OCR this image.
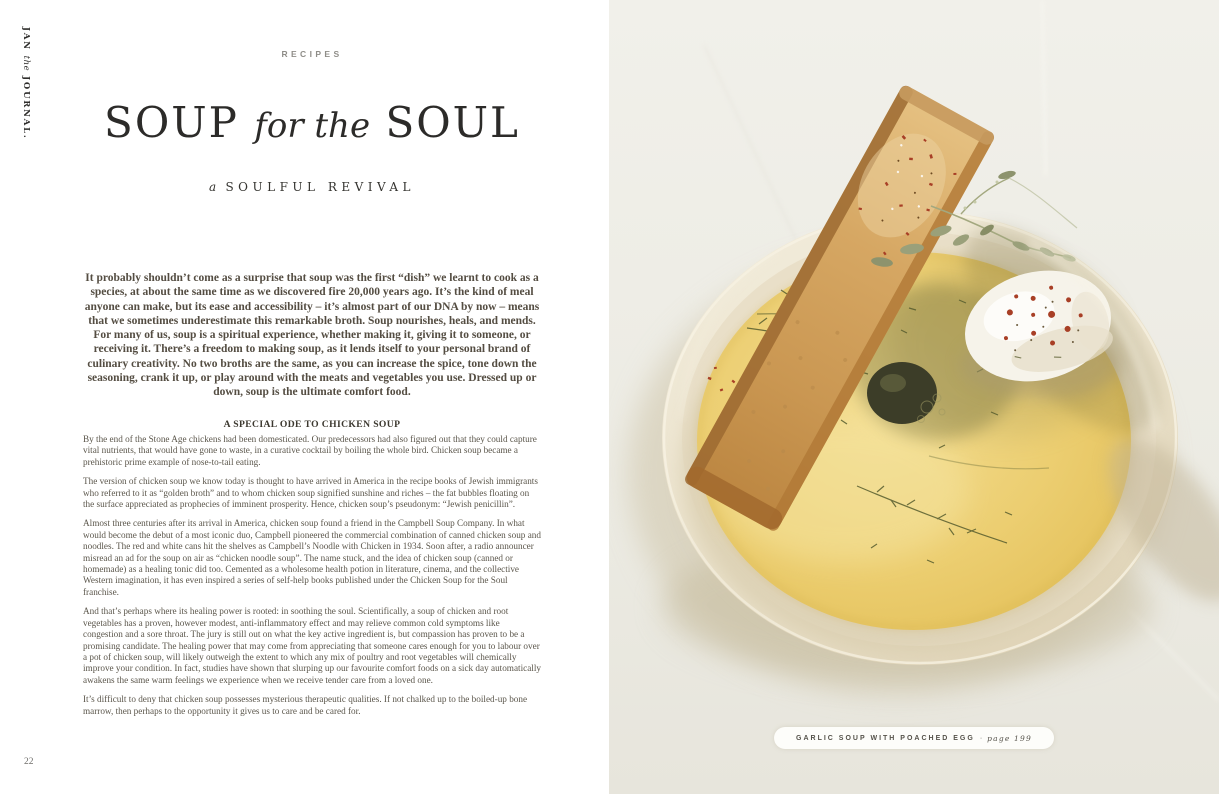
JAN the JOURNAL.
RECIPES
SOUP for the SOUL
a SOULFUL REVIVAL
It probably shouldn’t come as a surprise that soup was the first “dish” we learnt to cook as a species, at about the same time as we discovered fire 20,000 years ago. It’s the kind of meal anyone can make, but its ease and accessibility – it’s almost part of our DNA by now – means that we sometimes underestimate this remarkable broth. Soup nourishes, heals, and mends. For many of us, soup is a spiritual experience, whether making it, giving it to someone, or receiving it. There’s a freedom to making soup, as it lends itself to your personal brand of culinary creativity. No two broths are the same, as you can increase the spice, tone down the seasoning, crank it up, or play around with the meats and vegetables you use. Dressed up or down, soup is the ultimate comfort food.
A SPECIAL ODE TO CHICKEN SOUP

By the end of the Stone Age chickens had been domesticated. Our predecessors had also figured out that they could capture vital nutrients, that would have gone to waste, in a curative cocktail by boiling the whole bird. Chicken soup became a prehistoric prime example of nose-to-tail eating.

The version of chicken soup we know today is thought to have arrived in America in the recipe books of Jewish immigrants who referred to it as “golden broth” and to whom chicken soup signified sunshine and riches – the fat bubbles floating on the surface appreciated as prophecies of imminent prosperity. Hence, chicken soup’s pseudonym: “Jewish penicillin”.

Almost three centuries after its arrival in America, chicken soup found a friend in the Campbell Soup Company. In what would become the debut of a most iconic duo, Campbell pioneered the commercial combination of canned chicken soup and noodles. The red and white cans hit the shelves as Campbell’s Noodle with Chicken in 1934. Soon after, a radio announcer misread an ad for the soup on air as “chicken noodle soup”. The name stuck, and the idea of chicken soup (canned or homemade) as a healing tonic did too. Cemented as a wholesome health potion in literature, cinema, and the collective Western imagination, it has even inspired a series of self-help books published under the Chicken Soup for the Soul franchise.

And that’s perhaps where its healing power is rooted: in soothing the soul. Scientifically, a soup of chicken and root vegetables has a proven, however modest, anti-inflammatory effect and may relieve common cold symptoms like congestion and a sore throat. The jury is still out on what the key active ingredient is, but compassion has proven to be a promising candidate. The healing power that may come from appreciating that someone cares enough for you to labour over a pot of chicken soup, will likely outweigh the extent to which any mix of poultry and root vegetables will chemically improve your condition. In fact, studies have shown that slurping up our favourite comfort foods on a sick day automatically awakens the same warm feelings we experience when we receive tender care from a loved one.

It’s difficult to deny that chicken soup possesses mysterious therapeutic qualities. If not chalked up to the boiled-up bone marrow, then perhaps to the opportunity it gives us to care and be cared for.

22
GARLIC SOUP WITH POACHED EGG · page 199
